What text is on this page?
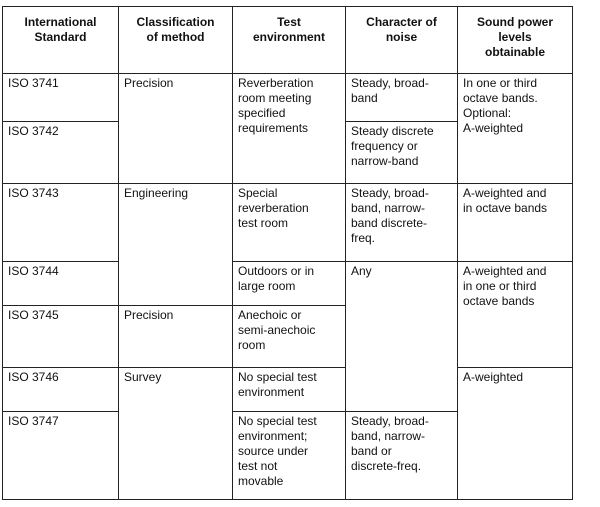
International
Standard	Classification
of method	Test
environment	Character of
noise	Sound power
levels
obtainable
ISO 3741	Precision	Reverberation
room meeting
specified
requirements	Steady, broad-
band	In one or third
octave bands.
Optional:
A-weighted
ISO 3742			Steady discrete
frequency or
narrow-band	
ISO 3743	Engineering	Special
reverberation
test room	Steady, broad-
band, narrow-
band discrete-
freq.	A-weighted and
in octave bands
ISO 3744		Outdoors or in
large room	Any	A-weighted and
in one or third
octave bands
ISO 3745	Precision	Anechoic or
semi-anechoic
room		
ISO 3746	Survey	No special test
environment		A-weighted
ISO 3747		No special test
environment;
source under
test not
movable	Steady, broad-
band, narrow-
band or
discrete-freq.	
